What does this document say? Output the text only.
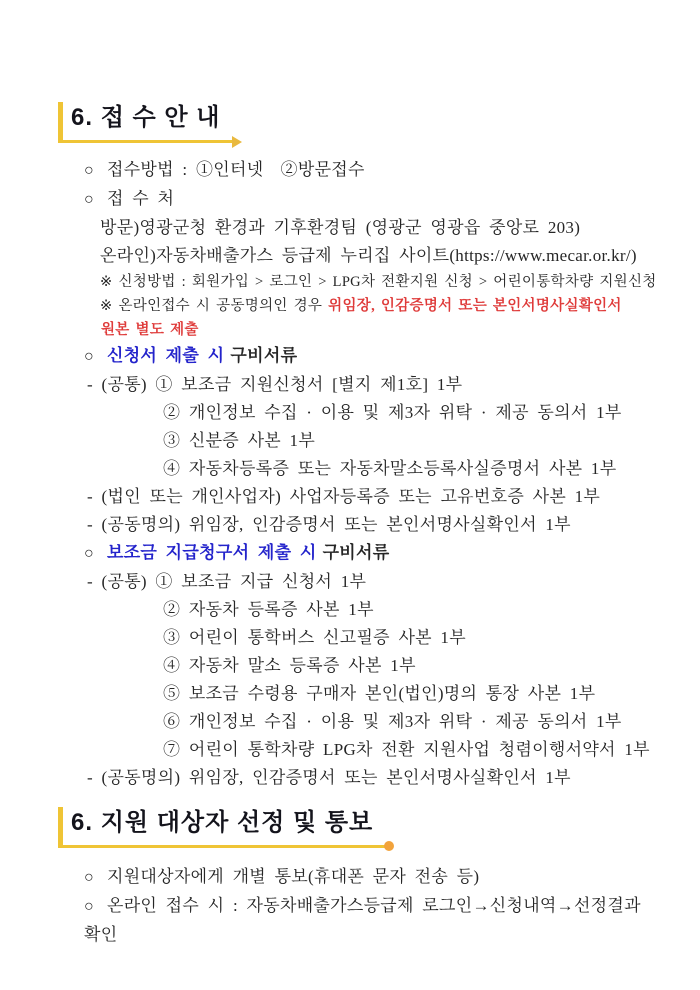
6. 접 수 안 내
○ 접수방법 : ①인터넷  ②방문접수
○ 접 수 처
방문)영광군청 환경과 기후환경팀 (영광군 영광읍 중앙로 203)
온라인)자동차배출가스 등급제 누리집 사이트(https://www.mecar.or.kr/)
※ 신청방법 : 회원가입 > 로그인 > LPG차 전환지원 신청 > 어린이통학차량 지원신청
※ 온라인접수 시 공동명의인 경우 위임장, 인감증명서 또는 본인서명사실확인서
원본 별도 제출
○ 신청서 제출 시 구비서류
- (공통) ① 보조금 지원신청서 [별지 제1호] 1부
② 개인정보 수집 · 이용 및 제3자 위탁 · 제공 동의서 1부
③ 신분증 사본 1부
④ 자동차등록증 또는 자동차말소등록사실증명서 사본 1부
- (법인 또는 개인사업자) 사업자등록증 또는 고유번호증 사본 1부
- (공동명의) 위임장, 인감증명서 또는 본인서명사실확인서 1부
○ 보조금 지급청구서 제출 시 구비서류
- (공통) ① 보조금 지급 신청서 1부
② 자동차 등록증 사본 1부
③ 어린이 통학버스 신고필증 사본 1부
④ 자동차 말소 등록증 사본 1부
⑤ 보조금 수령용 구매자 본인(법인)명의 통장 사본 1부
⑥ 개인정보 수집 · 이용 및 제3자 위탁 · 제공 동의서 1부
⑦ 어린이 통학차량 LPG차 전환 지원사업 청렴이행서약서 1부
- (공동명의) 위임장, 인감증명서 또는 본인서명사실확인서 1부
6. 지원 대상자 선정 및 통보
○ 지원대상자에게 개별 통보(휴대폰 문자 전송 등)
○ 온라인 접수 시 : 자동차배출가스등급제 로그인→신청내역→선정결과 확인
